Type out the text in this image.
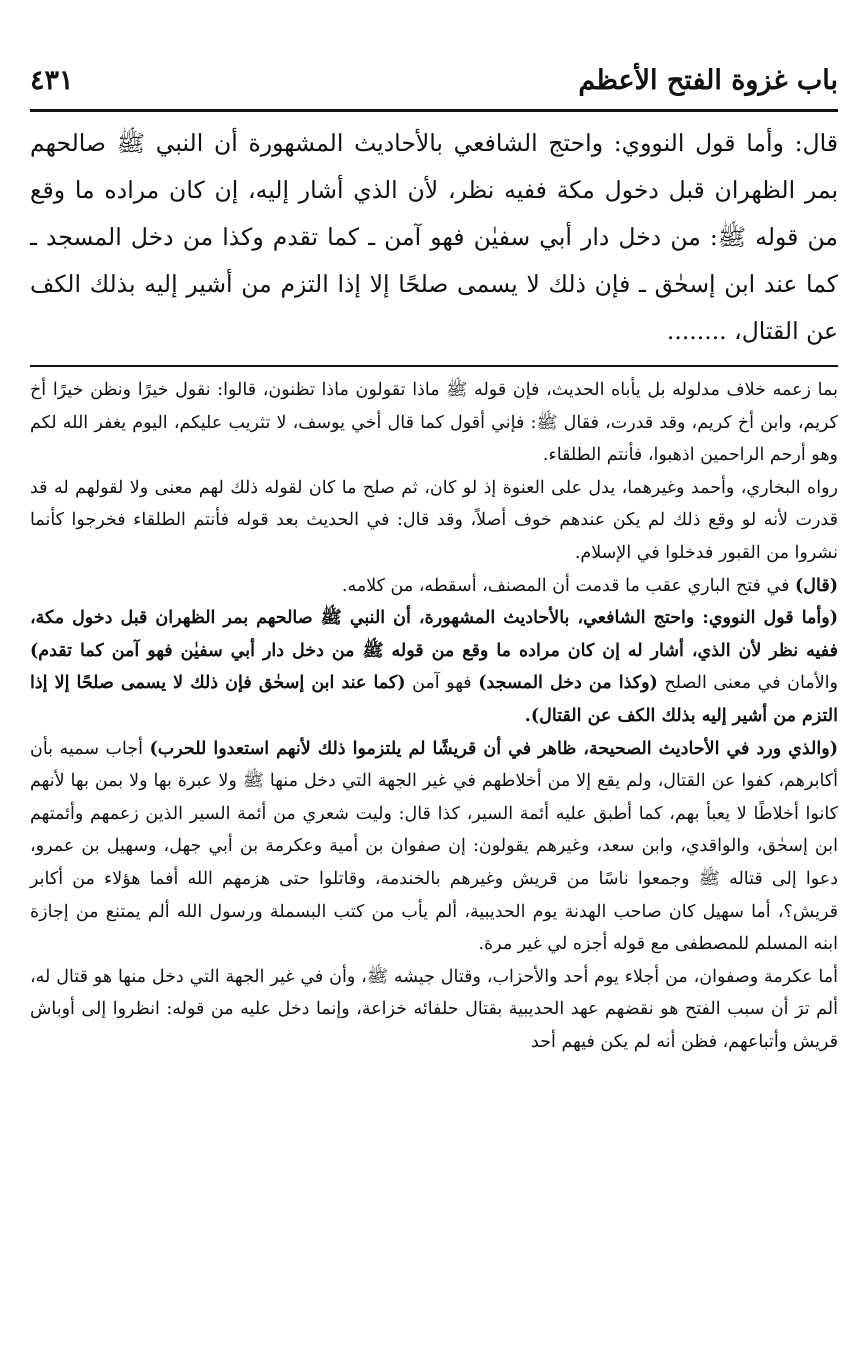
باب غزوة الفتح الأعظم
٤٣١

قال: وأما قول النووي: واحتج الشافعي بالأحاديث المشهورة أن النبي ﷺ صالحهم بمر الظهران قبل دخول مكة ففيه نظر، لأن الذي أشار إليه، إن كان مراده ما وقع من قوله ﷺ: من دخل دار أبي سفيٰن فهو آمن ـ كما تقدم وكذا من دخل المسجد ـ كما عند ابن إسحٰق ـ فإن ذلك لا يسمى صلحًا إلا إذا التزم من أشير إليه بذلك الكف عن القتال، ........

بما زعمه خلاف مدلوله بل يأباه الحديث، فإن قوله ﷺ ماذا تقولون ماذا تظنون، قالوا: نقول خيرًا ونظن خيرًا أخ كريم، وابن أخ كريم، وقد قدرت، فقال ﷺ: فإني أقول كما قال أخي يوسف، لا تثريب عليكم، اليوم يغفر الله لكم وهو أرحم الراحمين اذهبوا، فأنتم الطلقاء.

رواه البخاري، وأحمد وغيرهما، يدل على العنوة إذ لو كان، ثم صلح ما كان لقوله ذلك لهم معنى ولا لقولهم له قد قدرت لأنه لو وقع ذلك لم يكن عندهم خوف أصلاً، وقد قال: في الحديث بعد قوله فأنتم الطلقاء فخرجوا كأنما نشروا من القبور فدخلوا في الإسلام.

(قال) في فتح الباري عقب ما قدمت أن المصنف، أسقطه، من كلامه.

(وأما قول النووي: واحتج الشافعي، بالأحاديث المشهورة، أن النبي ﷺ صالحهم بمر الظهران قبل دخول مكة، ففيه نظر لأن الذي، أشار له إن كان مراده ما وقع من قوله ﷺ من دخل دار أبي سفيٰن فهو آمن كما تقدم) والأمان في معنى الصلح (وكذا من دخل المسجد) فهو آمن (كما عند ابن إسحٰق فإن ذلك لا يسمى صلحًا إلا إذا التزم من أشير إليه بذلك الكف عن القتال).

(والذي ورد في الأحاديث الصحيحة، ظاهر في أن قريشًا لم يلتزموا ذلك لأنهم استعدوا للحرب) أجاب سميه بأن أكابرهم، كفوا عن القتال، ولم يقع إلا من أخلاطهم في غير الجهة التي دخل منها ﷺ ولا عبرة بها ولا بمن بها لأنهم كانوا أخلاطًا لا يعبأ بهم، كما أطبق عليه أئمة السير، كذا قال: وليت شعري من أئمة السير الذين زعمهم وأئمتهم ابن إسحٰق، والواقدي، وابن سعد، وغيرهم يقولون: إن صفوان بن أمية وعكرمة بن أبي جهل، وسهيل بن عمرو، دعوا إلى قتاله ﷺ وجمعوا ناسًا من قريش وغيرهم بالخندمة، وقاتلوا حتى هزمهم الله أفما هؤلاء من أكابر قريش؟، أما سهيل كان صاحب الهدنة يوم الحديبية، ألم يأب من كتب البسملة ورسول الله ألم يمتنع من إجازة ابنه المسلم للمصطفى مع قوله أجزه لي غير مرة.

أما عكرمة وصفوان، من أجلاء يوم أحد والأحزاب، وقتال جيشه ﷺ، وأن في غير الجهة التي دخل منها هو قتال له، ألم ترَ أن سبب الفتح هو نقضهم عهد الحديبية بقتال حلفائه خزاعة، وإنما دخل عليه من قوله: انظروا إلى أوباش قريش وأتباعهم، فظن أنه لم يكن فيهم أحد
